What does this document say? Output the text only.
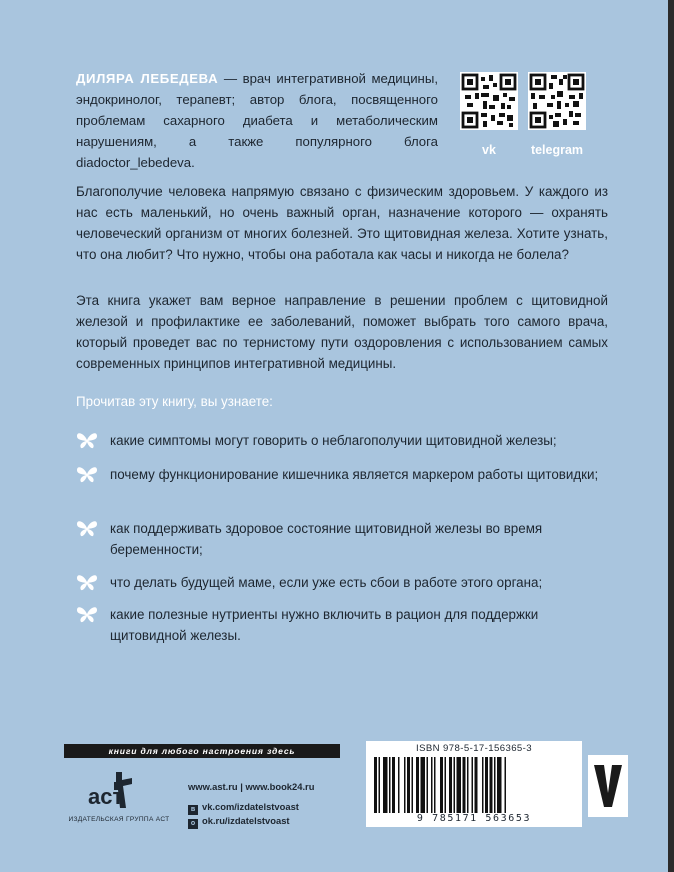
ДИЛЯРА ЛЕБЕДЕВА — врач интегративной медицины, эндокринолог, терапевт; автор блога, посвященного проблемам сахарного диабета и метаболическим нарушениям, а также популярного блога diadoctor_lebedeva.
vk	telegram
Благополучие человека напрямую связано с физическим здоровьем. У каждого из нас есть маленький, но очень важный орган, назначение которого — охранять человеческий организм от многих болезней. Это щитовидная железа. Хотите узнать, что она любит? Что нужно, чтобы она работала как часы и никогда не болела?
Эта книга укажет вам верное направление в решении проблем с щитовидной железой и профилактике ее заболеваний, поможет выбрать того самого врача, который проведет вас по тернистому пути оздоровления с использованием самых современных принципов интегративной медицины.
Прочитав эту книгу, вы узнаете:
какие симптомы могут говорить о неблагополучии щитовидной железы;
почему функционирование кишечника является маркером работы щитовидки;
как поддерживать здоровое состояние щитовидной железы во время беременности;
что делать будущей маме, если уже есть сбои в работе этого органа;
какие полезные нутриенты нужно включить в рацион для поддержки щитовидной железы.
книги для любого настроения здесь
аст
ИЗДАТЕЛЬСКАЯ ГРУППА АСТ
www.ast.ru | www.book24.ru
в vk.com/izdatelstvoast
о ok.ru/izdatelstvoast
ISBN 978-5-17-156365-3
9 785171 563653
